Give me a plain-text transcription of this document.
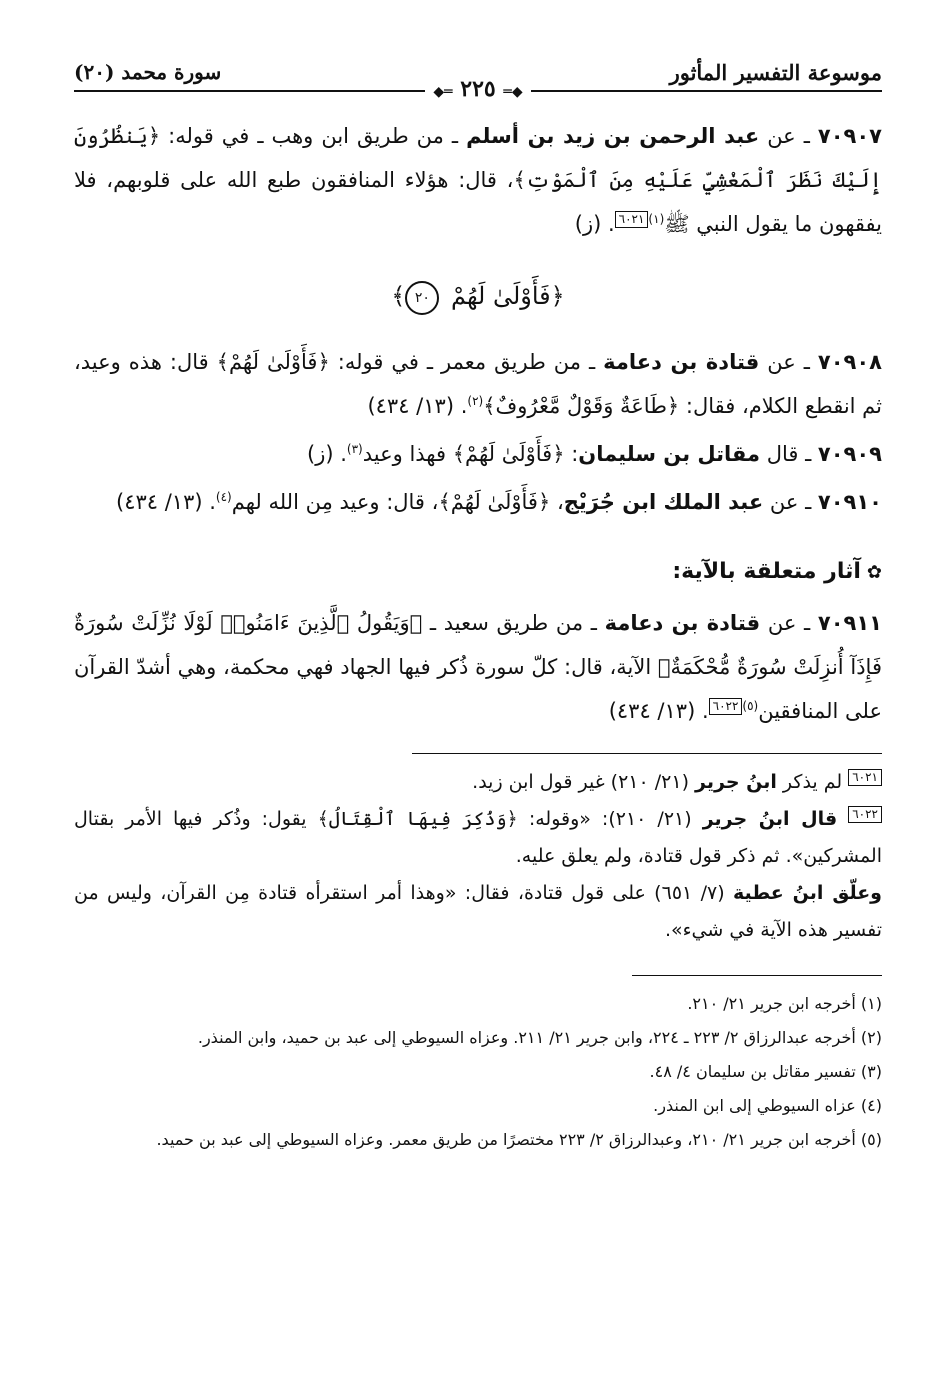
موسوعة التفسير المأثور
سورة محمد (٢٠)
◆═ ٢٢٥ ═◆

٧٠٩٠٧ ـ عن عبد الرحمن بن زيد بن أسلم ـ من طريق ابن وهب ـ في قوله: ﴿يَنظُرُونَ إِلَيْكَ نَظَرَ ٱلْمَغْشِيِّ عَلَيْهِ مِنَ ٱلْمَوْتِ﴾، قال: هؤلاء المنافقون طبع الله على قلوبهم، فلا يفقهون ما يقول النبي ﷺ$^{(١)}$٦٠٢١. (ز)

﴿فَأَوْلَىٰ لَهُمْ ٢٠﴾

٧٠٩٠٨ ـ عن قتادة بن دعامة ـ من طريق معمر ـ في قوله: ﴿فَأَوْلَىٰ لَهُمْ﴾ قال: هذه وعيد، ثم انقطع الكلام، فقال: ﴿طَاعَةٌ وَقَوْلٌ مَّعْرُوفٌ﴾$^{(٢)}$. (١٣/ ٤٣٤)

٧٠٩٠٩ ـ قال مقاتل بن سليمان: ﴿فَأَوْلَىٰ لَهُمْ﴾ فهذا وعيد$^{(٣)}$. (ز)

٧٠٩١٠ ـ عن عبد الملك ابن جُرَيْج، ﴿فَأَوْلَىٰ لَهُمْ﴾، قال: وعيد مِن الله لهم$^{(٤)}$. (١٣/ ٤٣٤)

✿آثار متعلقة بالآية:

٧٠٩١١ ـ عن قتادة بن دعامة ـ من طريق سعيد ـ ﴿وَيَقُولُ ٱلَّذِينَ ءَامَنُوا۟ لَوْلَا نُزِّلَتْ سُورَةٌ فَإِذَآ أُنزِلَتْ سُورَةٌ مُّحْكَمَةٌ﴾ الآية، قال: كلّ سورة ذُكر فيها الجهاد فهي محكمة، وهي أشدّ القرآن على المنافقين$^{(٥)}$٦٠٢٢. (١٣/ ٤٣٤)

٦٠٢١ لم يذكر ابنُ جرير (٢١/ ٢١٠) غير قول ابن زيد.

٦٠٢٢ قال ابنُ جرير (٢١/ ٢١٠): «وقوله: ﴿وَذُكِرَ فِيهَا ٱلْقِتَالُ﴾ يقول: وذُكر فيها الأمر بقتال المشركين». ثم ذكر قول قتادة، ولم يعلق عليه.

وعلّق ابنُ عطية (٧/ ٦٥١) على قول قتادة، فقال: «وهذا أمر استقرأه قتادة مِن القرآن، وليس من تفسير هذه الآية في شيء».

(١) أخرجه ابن جرير ٢١/ ٢١٠.

(٢) أخرجه عبدالرزاق ٢/ ٢٢٣ ـ ٢٢٤، وابن جرير ٢١/ ٢١١. وعزاه السيوطي إلى عبد بن حميد، وابن المنذر.

(٣) تفسير مقاتل بن سليمان ٤/ ٤٨.

(٤) عزاه السيوطي إلى ابن المنذر.

(٥) أخرجه ابن جرير ٢١/ ٢١٠، وعبدالرزاق ٢/ ٢٢٣ مختصرًا من طريق معمر. وعزاه السيوطي إلى عبد بن حميد.
